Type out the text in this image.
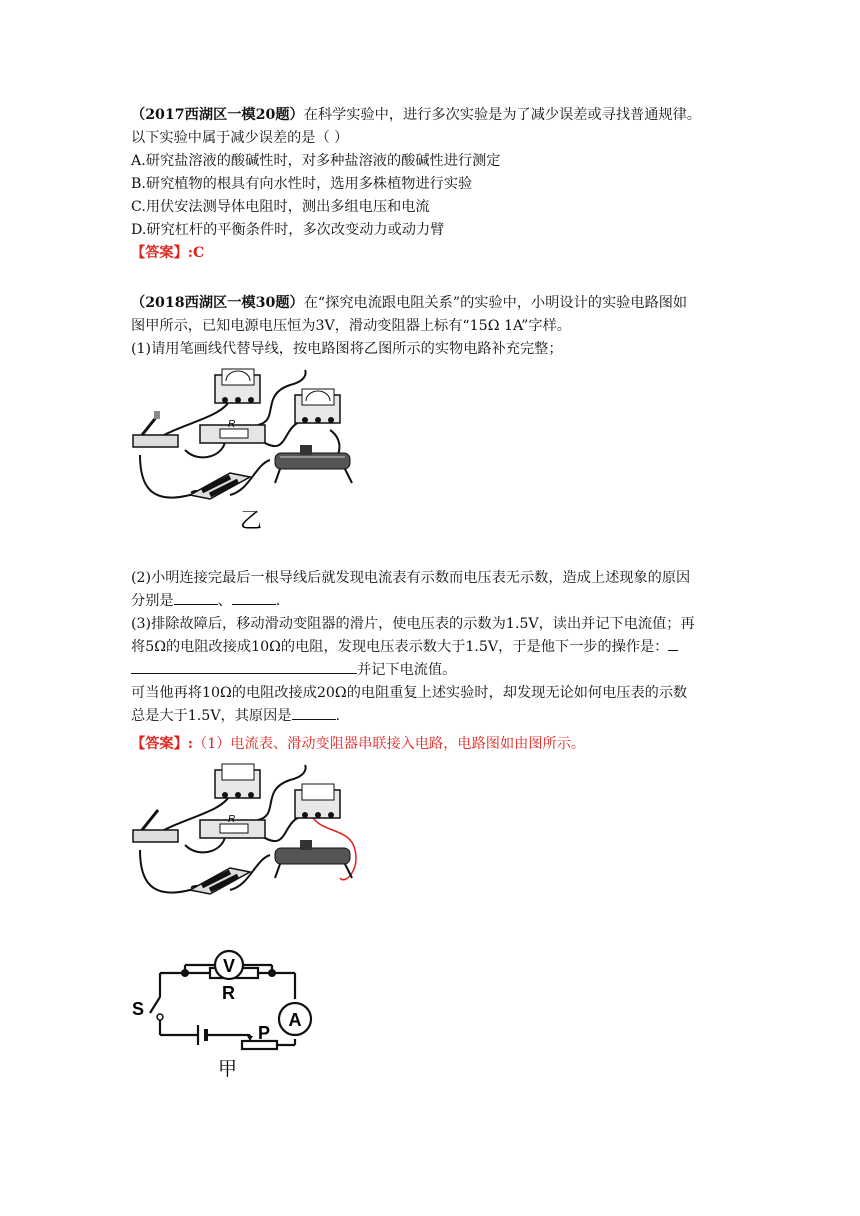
（2017西湖区一模20题）在科学实验中，进行多次实验是为了减少误差或寻找普通规律。
以下实验中属于减少误差的是（ ）
A.研究盐溶液的酸碱性时，对多种盐溶液的酸碱性进行测定
B.研究植物的根具有向水性时，选用多株植物进行实验
C.用伏安法测导体电阻时，测出多组电压和电流
D.研究杠杆的平衡条件时，多次改变动力或动力臂
【答案】:C
（2018西湖区一模30题）在“探究电流跟电阻关系”的实验中，小明设计的实验电路图如
图甲所示，已知电源电压恒为3V，滑动变阻器上标有“15Ω 1A”字样。
(1)请用笔画线代替导线，按电路图将乙图所示的实物电路补充完整；
R
乙
(2)小明连接完最后一根导线后就发现电流表有示数而电压表无示数，造成上述现象的原因
分别是	、	.
(3)排除故障后，移动滑动变阻器的滑片，使电压表的示数为1.5V，读出并记下电流值；再
将5Ω的电阻改接成10Ω的电阻，发现电压表示数大于1.5V，于是他下一步的操作是：
并记下电流值。
可当他再将10Ω的电阻改接成20Ω的电阻重复上述实验时，却发现无论如何电压表的示数
总是大于1.5V，其原因是	.
【答案】:（1）电流表、滑动变阻器串联接入电路，电路图如由图所示。
R
V
A
R
S
P
甲
